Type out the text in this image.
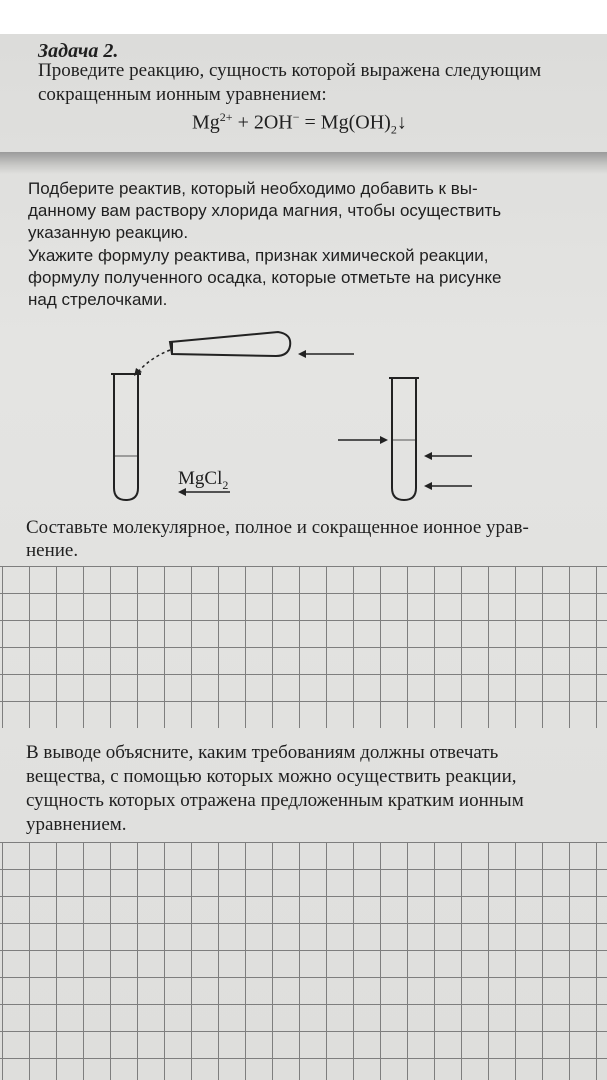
Задача 2.

Проведите реакцию, сущность которой выражена следующим

сокращенным ионным уравнением:

$Mg^{2+} + 2OH^-$ = $Mg(OH)_2↓$

Подберите реактив, который необходимо добавить к вы-

данному вам раствору хлорида магния, чтобы осуществить

указанную реакцию.

Укажите формулу реактива, признак химической реакции,

формулу полученного осадка, которые отметьте на рисунке

над стрелочками.

MgCl$_2$

Составьте молекулярное, полное и сокращенное ионное урав-

нение.

В выводе объясните, каким требованиям должны отвечать

вещества, с помощью которых можно осуществить реакции,

сущность которых отражена предложенным кратким ионным

уравнением.
